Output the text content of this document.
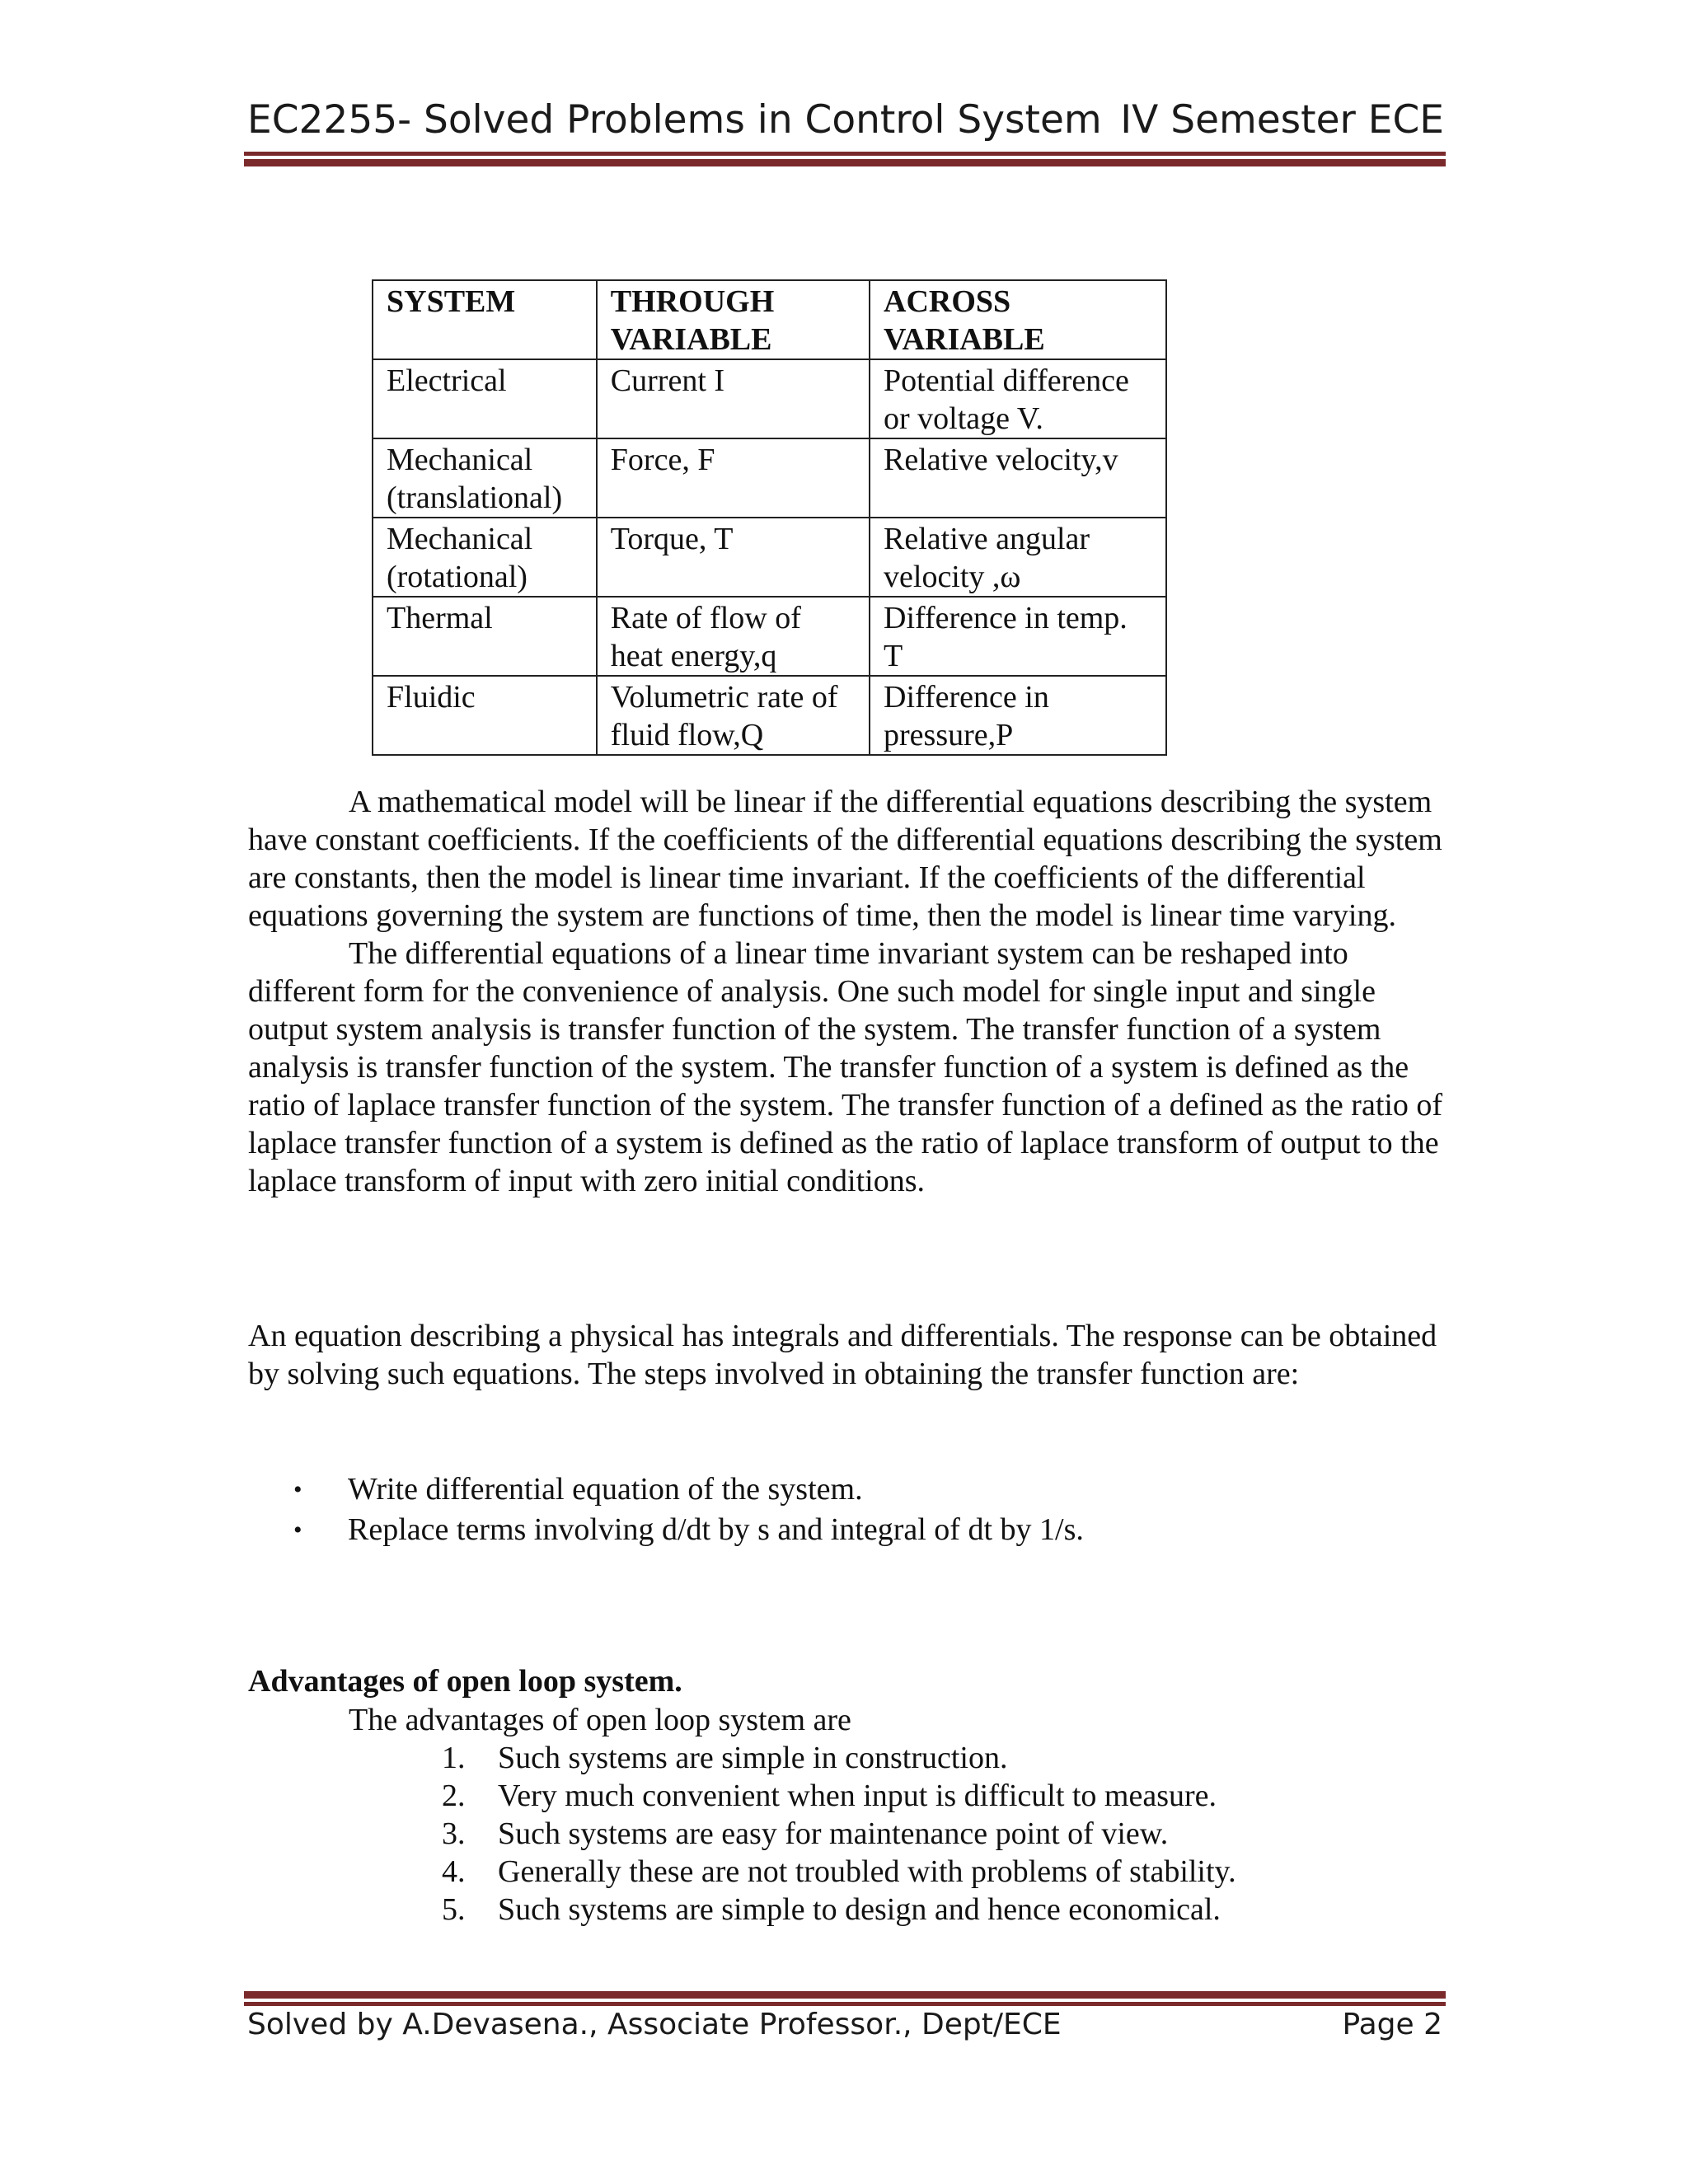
EC2255- Solved Problems in Control System IV Semester ECE
SYSTEM	THROUGH VARIABLE	ACROSS VARIABLE
Electrical	Current I	Potential difference or voltage V.
Mechanical (translational)	Force, F	Relative velocity,v
Mechanical (rotational)	Torque, T	Relative angular velocity ,ω
Thermal	Rate of flow of heat energy,q	Difference in temp. T
Fluidic	Volumetric rate of fluid flow,Q	Difference in pressure,P

A mathematical model will be linear if the differential equations describing the system have constant coefficients. If the coefficients of the differential equations describing the system are constants, then the model is linear time invariant. If the coefficients of the differential equations governing the system are functions of time, then the model is linear time varying.

The differential equations of a linear time invariant system can be reshaped into different form for the convenience of analysis. One such model for single input and single output system analysis is transfer function of the system. The transfer function of a system analysis is transfer function of the system. The transfer function of a system is defined as the ratio of laplace transfer function of the system. The transfer function of a defined as the ratio of laplace transfer function of a system is defined as the ratio of laplace transform of output to the laplace transform of input with zero initial conditions.

An equation describing a physical has integrals and differentials. The response can be obtained by solving such equations. The steps involved in obtaining the transfer function are:

•	Write differential equation of the system.
•	Replace terms involving d/dt by s and integral of dt by 1/s.
Advantages of open loop system.
The advantages of open loop system are
1.	Such systems are simple in construction.
2.	Very much convenient when input is difficult to measure.
3.	Such systems are easy for maintenance point of view.
4.	Generally these are not troubled with problems of stability.
5.	Such systems are simple to design and hence economical.
Solved by A.Devasena., Associate Professor., Dept/ECE	Page 2
